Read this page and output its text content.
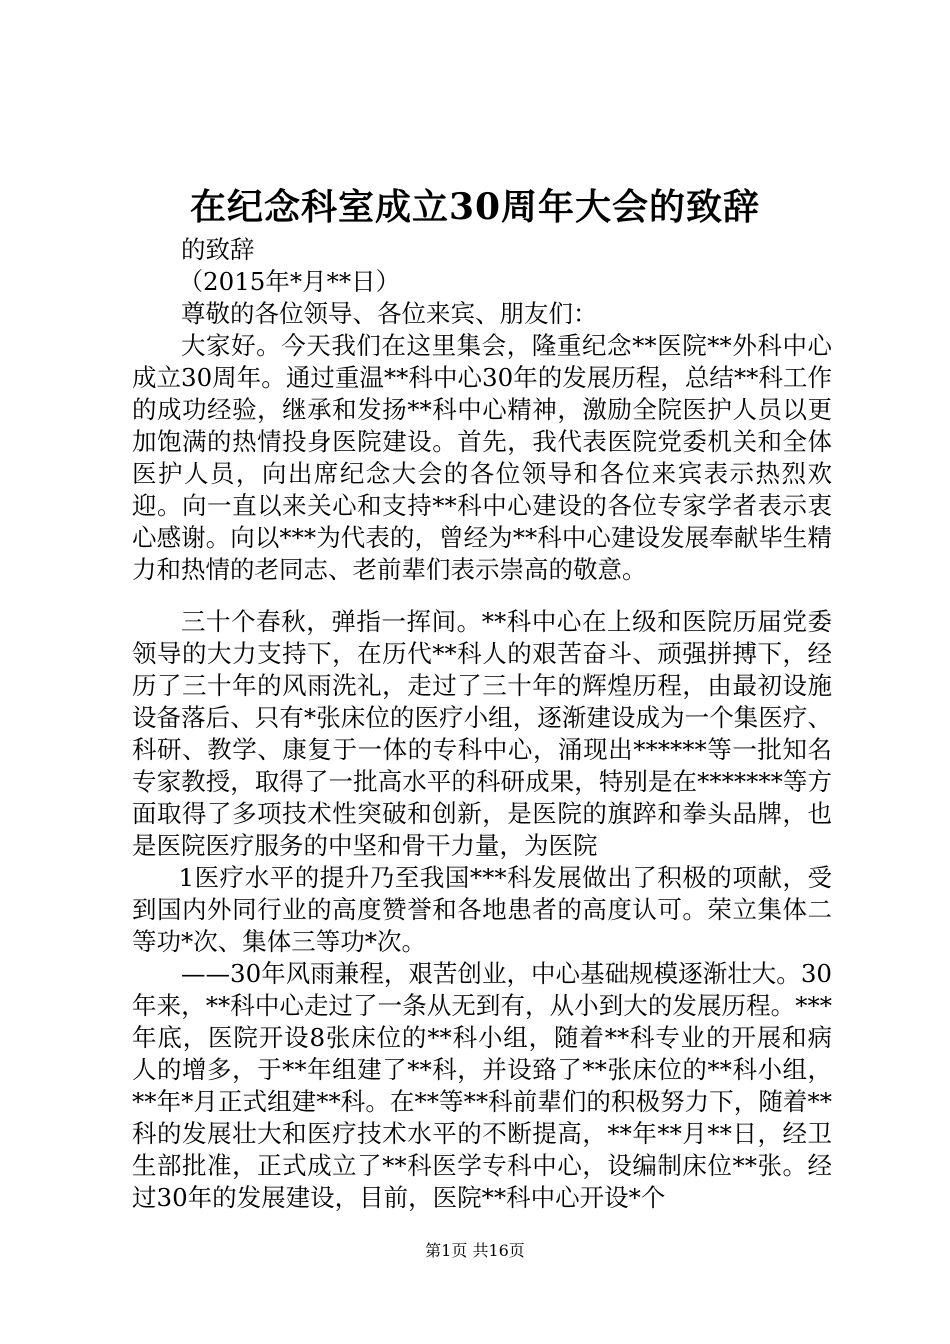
在纪念科室成立30周年大会的致辞

的致辞

（2015年*月**日）

尊敬的各位领导、各位来宾、朋友们：

大家好。今天我们在这里集会，隆重纪念**医院**外科中心成立30周年。通过重温**科中心30年的发展历程，总结**科工作的成功经验，继承和发扬**科中心精神，激励全院医护人员以更加饱满的热情投身医院建设。首先，我代表医院党委机关和全体医护人员，向出席纪念大会的各位领导和各位来宾表示热烈欢迎。向一直以来关心和支持**科中心建设的各位专家学者表示衷心感谢。向以***为代表的，曾经为**科中心建设发展奉献毕生精力和热情的老同志、老前辈们表示崇高的敬意。

三十个春秋，弹指一挥间。**科中心在上级和医院历届党委领导的大力支持下，在历代**科人的艰苦奋斗、顽强拼搏下，经历了三十年的风雨洗礼，走过了三十年的辉煌历程，由最初设施设备落后、只有*张床位的医疗小组，逐渐建设成为一个集医疗、科研、教学、康复于一体的专科中心，涌现出******等一批知名专家教授，取得了一批高水平的科研成果，特别是在*******等方面取得了多项技术性突破和创新，是医院的旗踤和拳头品牌，也是医院医疗服务的中坚和骨干力量，为医院

1医疗水平的提升乃至我国***科发展做出了积极的项献，受到国内外同行业的高度赞誉和各地患者的高度认可。荣立集体二等功*次、集体三等功*次。

——30年风雨兼程，艰苦创业，中心基础规模逐渐壮大。30年来，**科中心走过了一条从无到有，从小到大的发展历程。***年底，医院开设8张床位的**科小组，随着**科专业的开展和病人的增多，于**年组建了**科，并设臵了**张床位的**科小组，**年*月正式组建**科。在**等**科前辈们的积极努力下，随着**科的发展壮大和医疗技术水平的不断提高，**年**月**日，经卫生部批准，正式成立了**科医学专科中心，设编制床位**张。经过30年的发展建设，目前，医院**科中心开设*个

第1页 共16页
